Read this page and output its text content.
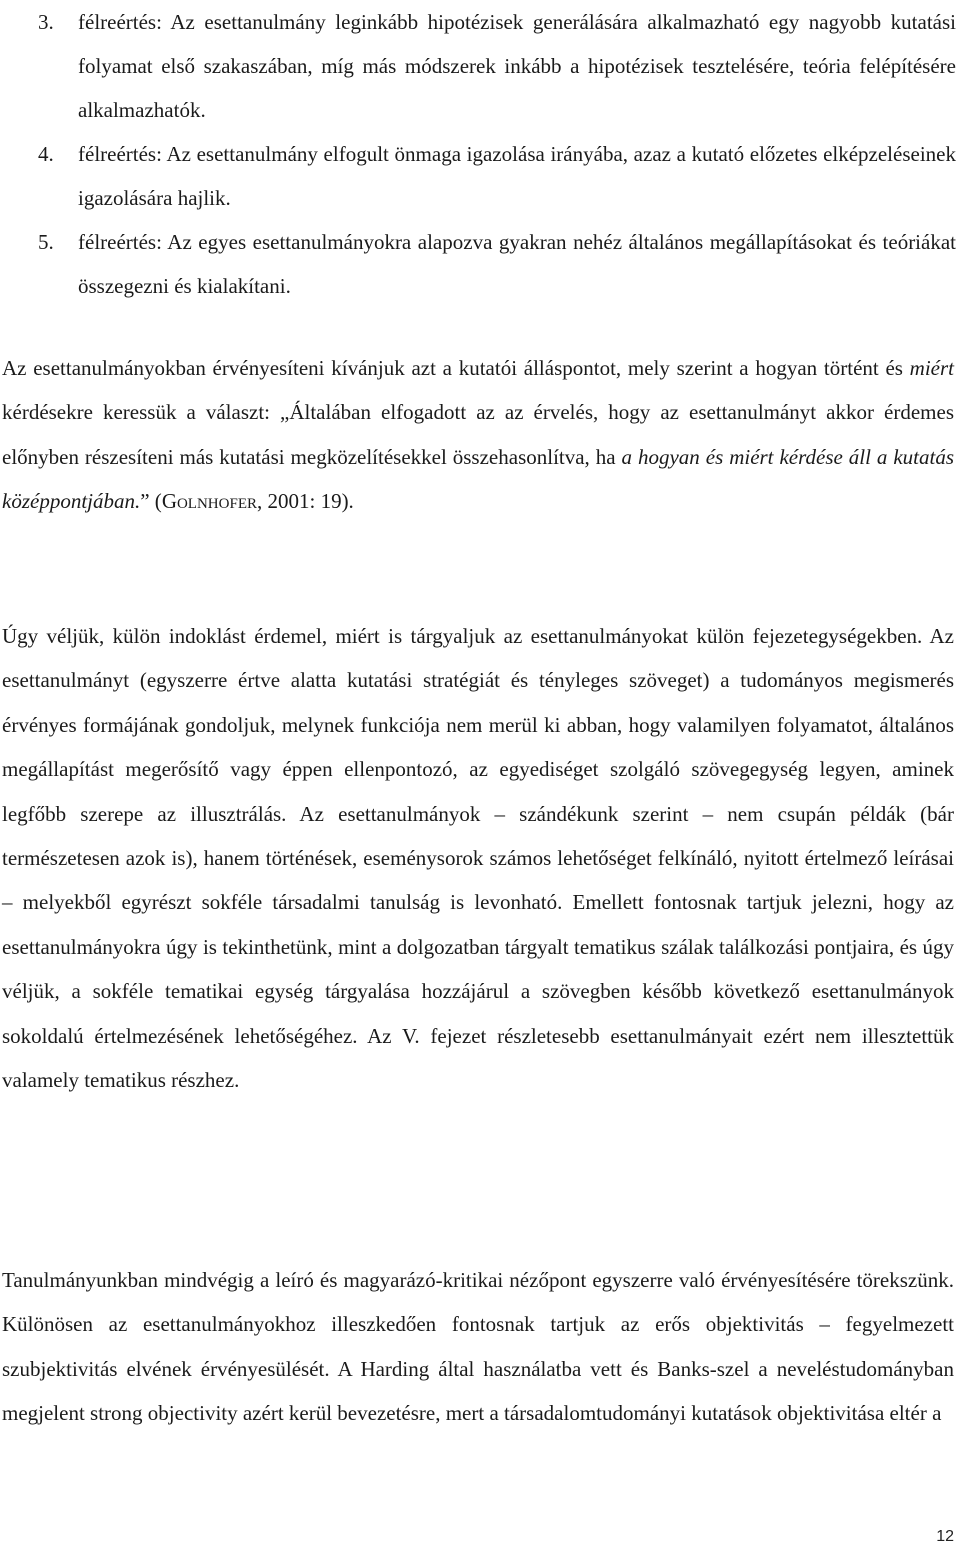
3.	félreértés: Az esettanulmány leginkább hipotézisek generálására alkalmazható egy nagyobb kutatási folyamat első szakaszában, míg más módszerek inkább a hipotézisek tesztelésére, teória felépítésére alkalmazhatók.
4.	félreértés: Az esettanulmány elfogult önmaga igazolása irányába, azaz a kutató előzetes elképzeléseinek igazolására hajlik.
5.	félreértés: Az egyes esettanulmányokra alapozva gyakran nehéz általános megállapításokat és teóriákat összegezni és kialakítani.

Az esettanulmányokban érvényesíteni kívánjuk azt a kutatói álláspontot, mely szerint a hogyan történt és miért kérdésekre keressük a választ: „Általában elfogadott az az érvelés, hogy az esettanulmányt akkor érdemes előnyben részesíteni más kutatási megközelítésekkel összehasonlítva, ha a hogyan és miért kérdése áll a kutatás középpontjában.” (Golnhofer, 2001: 19).

Úgy véljük, külön indoklást érdemel, miért is tárgyaljuk az esettanulmányokat külön fejezetegységekben. Az esettanulmányt (egyszerre értve alatta kutatási stratégiát és tényleges szöveget) a tudományos megismerés érvényes formájának gondoljuk, melynek funkciója nem merül ki abban, hogy valamilyen folyamatot, általános megállapítást megerősítő vagy éppen ellenpontozó, az egyediséget szolgáló szövegegység legyen, aminek legfőbb szerepe az illusztrálás. Az esettanulmányok – szándékunk szerint – nem csupán példák (bár természetesen azok is), hanem történések, eseménysorok számos lehetőséget felkínáló, nyitott értelmező leírásai – melyekből egyrészt sokféle társadalmi tanulság is levonható. Emellett fontosnak tartjuk jelezni, hogy az esettanulmányokra úgy is tekinthetünk, mint a dolgozatban tárgyalt tematikus szálak találkozási pontjaira, és úgy véljük, a sokféle tematikai egység tárgyalása hozzájárul a szövegben később következő esettanulmányok sokoldalú értelmezésének lehetőségéhez. Az V. fejezet részletesebb esettanulmányait ezért nem illesztettük valamely tematikus részhez.

Tanulmányunkban mindvégig a leíró és magyarázó-kritikai nézőpont egyszerre való érvényesítésére törekszünk. Különösen az esettanulmányokhoz illeszkedően fontosnak tartjuk az erős objektivitás – fegyelmezett szubjektivitás elvének érvényesülését. A Harding által használatba vett és Banks-szel a neveléstudományban megjelent strong objectivity azért kerül bevezetésre, mert a társadalomtudományi kutatások objektivitása eltér a

12
